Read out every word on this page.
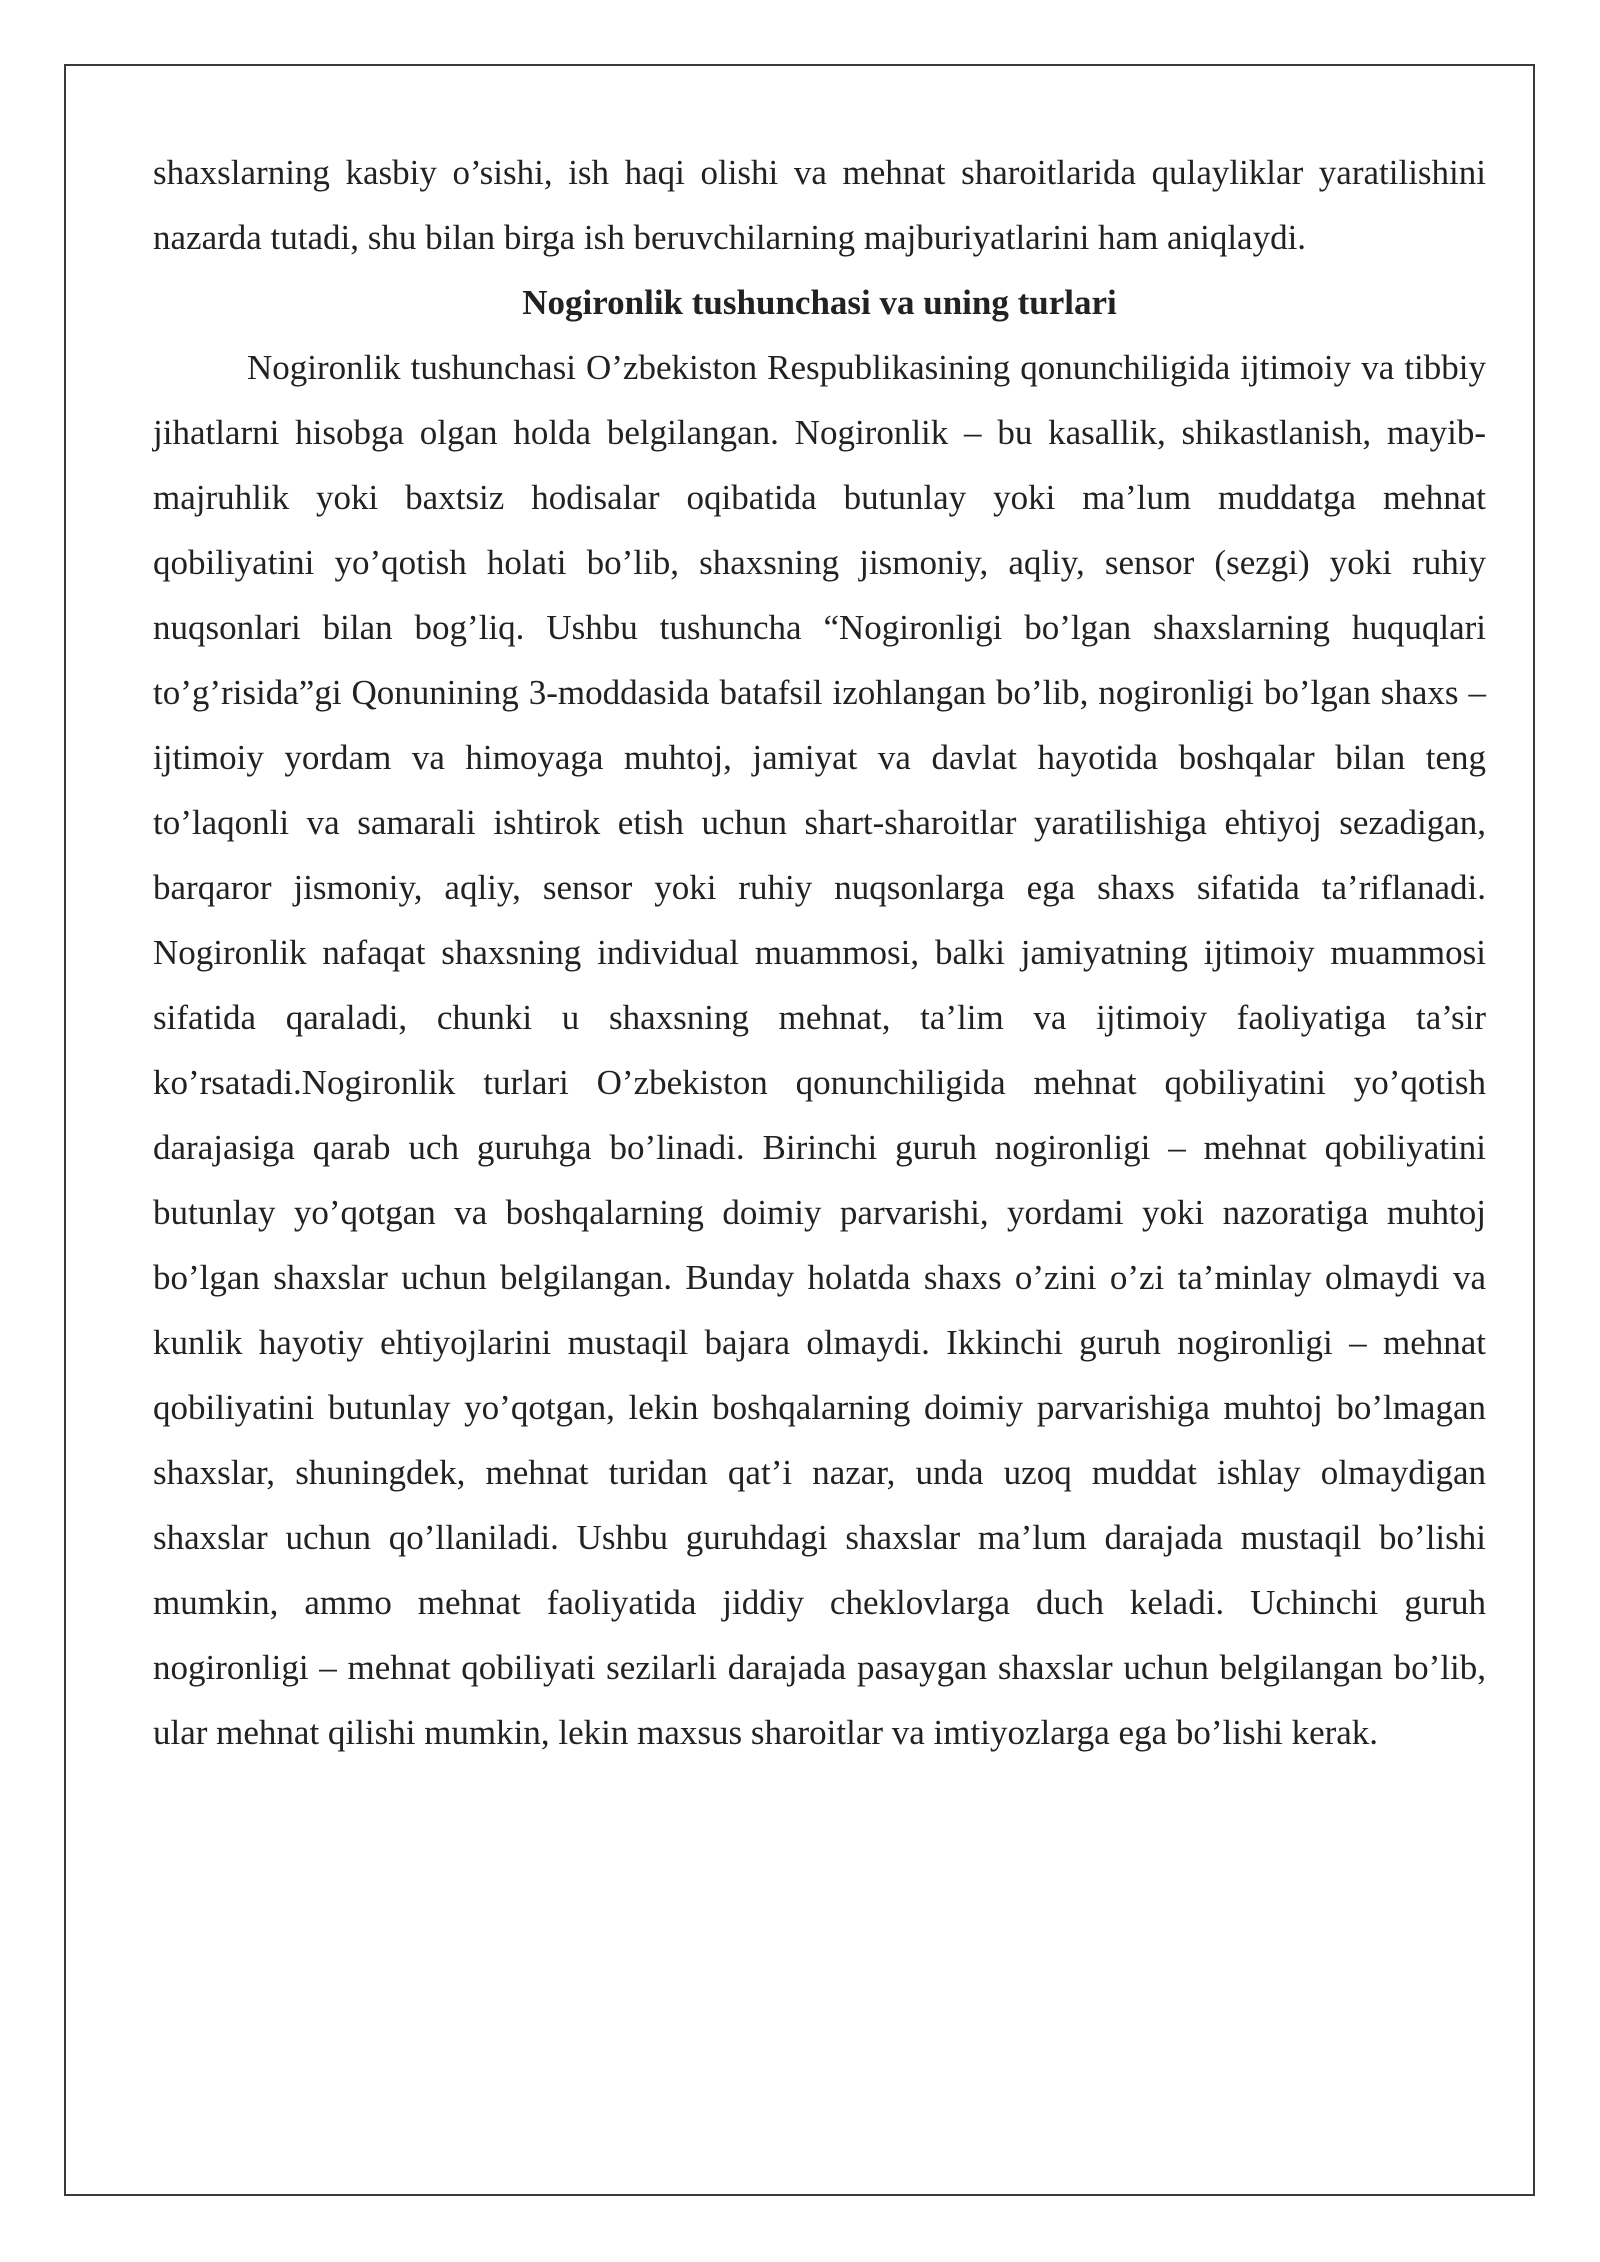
shaxslarning kasbiy o’sishi, ish haqi olishi va mehnat sharoitlarida qulayliklar yaratilishini nazarda tutadi, shu bilan birga ish beruvchilarning majburiyatlarini ham aniqlaydi.

Nogironlik tushunchasi va uning turlari

Nogironlik tushunchasi O’zbekiston Respublikasining qonunchiligida ijtimoiy va tibbiy jihatlarni hisobga olgan holda belgilangan. Nogironlik – bu kasallik, shikastlanish, mayib-majruhlik yoki baxtsiz hodisalar oqibatida butunlay yoki ma’lum muddatga mehnat qobiliyatini yo’qotish holati bo’lib, shaxsning jismoniy, aqliy, sensor (sezgi) yoki ruhiy nuqsonlari bilan bog’liq. Ushbu tushuncha “Nogironligi bo’lgan shaxslarning huquqlari to’g’risida”gi Qonunining 3-moddasida batafsil izohlangan bo’lib, nogironligi bo’lgan shaxs – ijtimoiy yordam va himoyaga muhtoj, jamiyat va davlat hayotida boshqalar bilan teng to’laqonli va samarali ishtirok etish uchun shart-sharoitlar yaratilishiga ehtiyoj sezadigan, barqaror jismoniy, aqliy, sensor yoki ruhiy nuqsonlarga ega shaxs sifatida ta’riflanadi. Nogironlik nafaqat shaxsning individual muammosi, balki jamiyatning ijtimoiy muammosi sifatida qaraladi, chunki u shaxsning mehnat, ta’lim va ijtimoiy faoliyatiga ta’sir ko’rsatadi.Nogironlik turlari O’zbekiston qonunchiligida mehnat qobiliyatini yo’qotish darajasiga qarab uch guruhga bo’linadi. Birinchi guruh nogironligi – mehnat qobiliyatini butunlay yo’qotgan va boshqalarning doimiy parvarishi, yordami yoki nazoratiga muhtoj bo’lgan shaxslar uchun belgilangan. Bunday holatda shaxs o’zini o’zi ta’minlay olmaydi va kunlik hayotiy ehtiyojlarini mustaqil bajara olmaydi. Ikkinchi guruh nogironligi – mehnat qobiliyatini butunlay yo’qotgan, lekin boshqalarning doimiy parvarishiga muhtoj bo’lmagan shaxslar, shuningdek, mehnat turidan qat’i nazar, unda uzoq muddat ishlay olmaydigan shaxslar uchun qo’llaniladi. Ushbu guruhdagi shaxslar ma’lum darajada mustaqil bo’lishi mumkin, ammo mehnat faoliyatida jiddiy cheklovlarga duch keladi. Uchinchi guruh nogironligi – mehnat qobiliyati sezilarli darajada pasaygan shaxslar uchun belgilangan bo’lib, ular mehnat qilishi mumkin, lekin maxsus sharoitlar va imtiyozlarga ega bo’lishi kerak.
